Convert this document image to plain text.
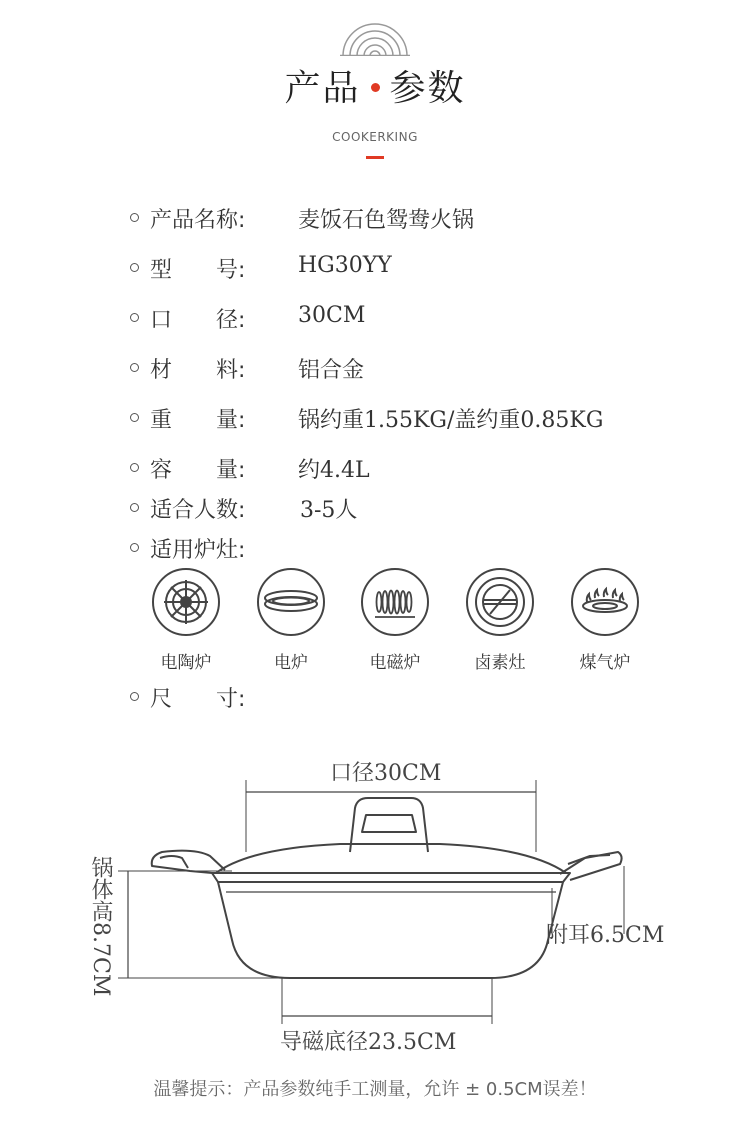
产品 参数
COOKERKING
产品名称: 麦饭石色鸳鸯火锅
型　　号: HG30YY
口　　径: 30CM
材　　料: 铝合金
重　　量: 锅约重1.55KG/盖约重0.85KG
容　　量: 约4.4L
适合人数: 3-5人
适用炉灶:
电陶炉	电炉	电磁炉	卤素灶	煤气炉
尺　　寸:
口径30CM
锅体高8.7CM	附耳6.5CM
导磁底径23.5CM
温馨提示：产品参数纯手工测量，允许 ± 0.5CM误差！
